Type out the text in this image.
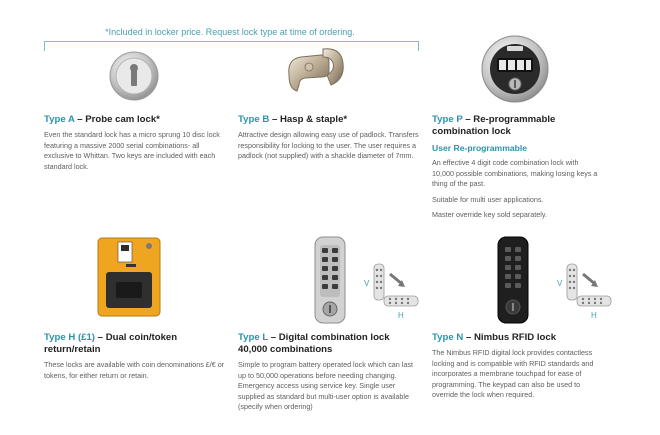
*Included in locker price. Request lock type at time of ordering.
V
H
V
H
Type A – Probe cam lock*
Even the standard lock has a micro sprung 10 disc lock featuring a massive 2000 serial combinations- all exclusive to Whittan. Two keys are included with each standard lock.
Type B – Hasp & staple*
Attractive design allowing easy use of padlock. Transfers responsibility for locking to the user. The user requires a padlock (not supplied) with a shackle diameter of 7mm.
Type P – Re-programmable combination lock
User Re-programmable
An effective 4 digit code combination lock with 10,000 possible combinations, making losing keys a thing of the past.
Suitable for multi user applications.
Master override key sold separately.
Type H (£1) – Dual coin/token return/retain
These locks are available with coin denominations £/€ or tokens, for either return or retain.
Type L – Digital combination lock 40,000 combinations
Simple to program battery operated lock which can last up to 50,000 operations before needing changing. Emergency access using service key. Single user supplied as standard but multi-user option is available (specify when ordering)
Type N – Nimbus RFID lock
The Nimbus RFID digital lock provides contactless locking and is compatible with RFID standards and incorporates a membrane touchpad for ease of programming. The keypad can also be used to override the lock when required.
